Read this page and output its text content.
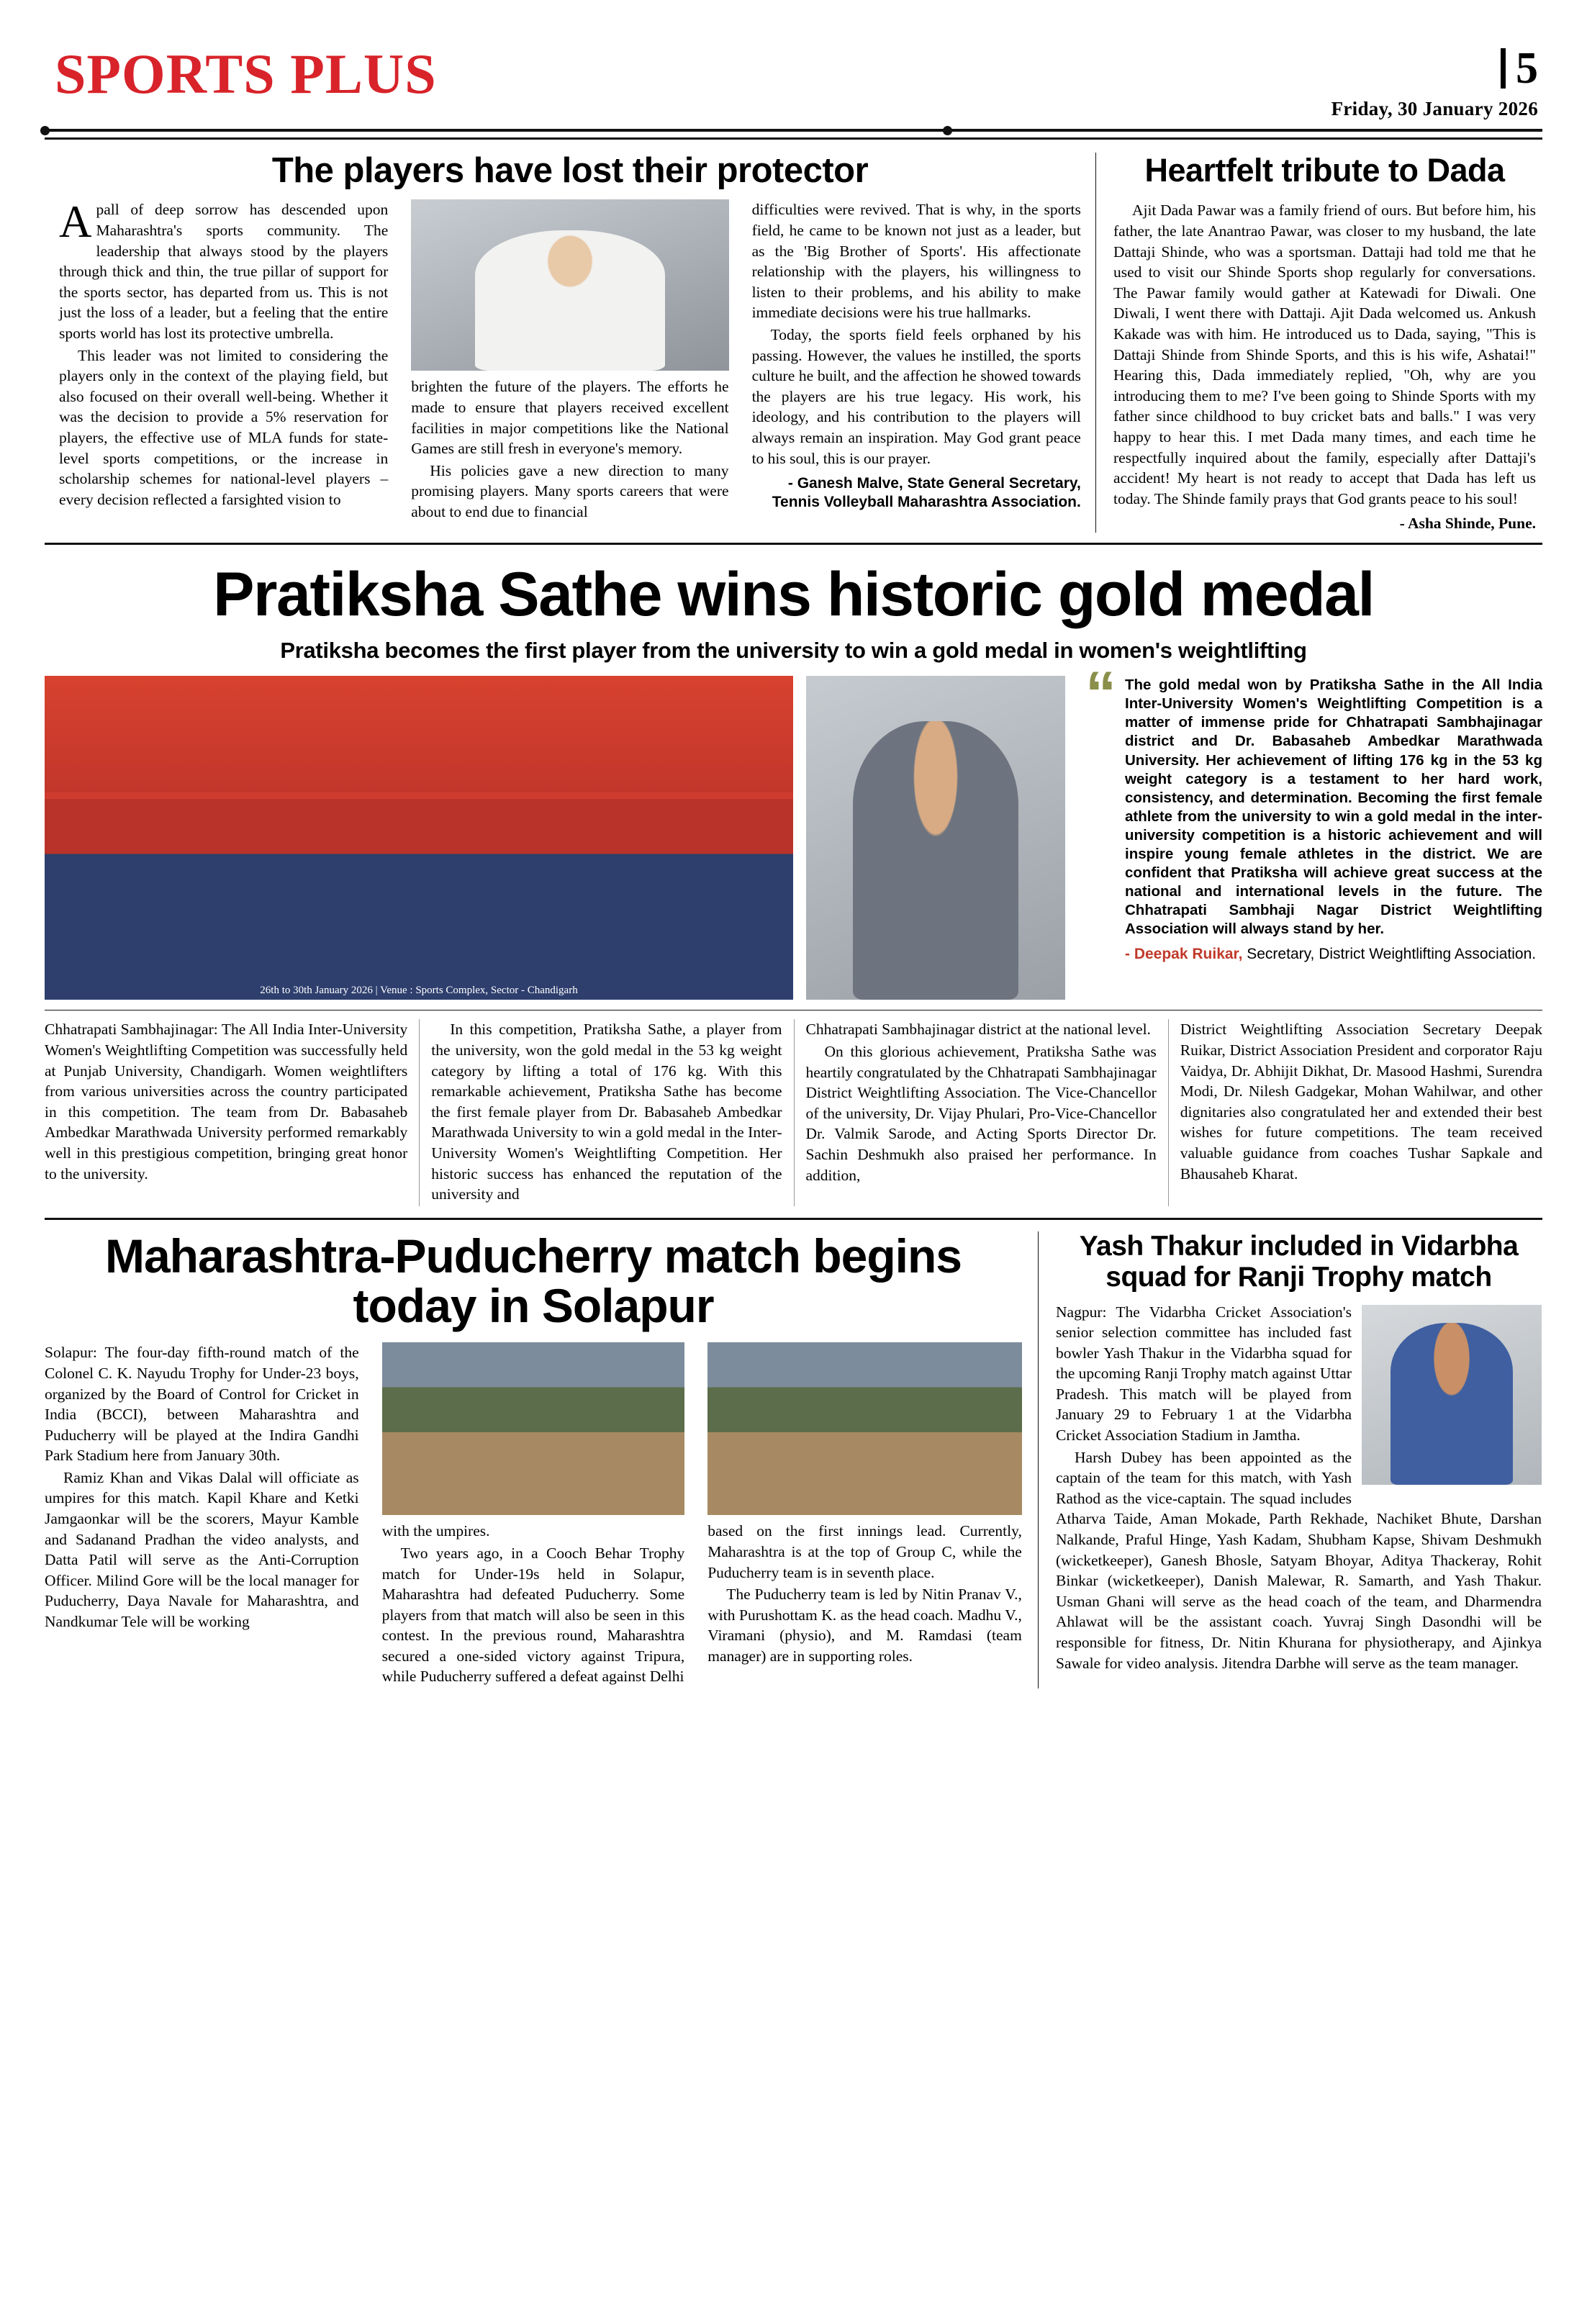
SPORTS PLUS	5
Friday, 30 January 2026
The players have lost their protector

Apall of deep sorrow has descended upon Maharashtra's sports community. The leadership that always stood by the players through thick and thin, the true pillar of support for the sports sector, has departed from us. This is not just the loss of a leader, but a feeling that the entire sports world has lost its protective umbrella.

This leader was not limited to considering the players only in the context of the playing field, but also focused on their overall well-being. Whether it was the decision to provide a 5% reservation for players, the effective use of MLA funds for state-level sports competitions, or the increase in scholarship schemes for national-level players – every decision reflected a farsighted vision to

brighten the future of the players. The efforts he made to ensure that players received excellent facilities in major competitions like the National Games are still fresh in everyone's memory.

His policies gave a new direction to many promising players. Many sports careers that were about to end due to financial

difficulties were revived. That is why, in the sports field, he came to be known not just as a leader, but as the 'Big Brother of Sports'. His affectionate relationship with the players, his willingness to listen to their problems, and his ability to make immediate decisions were his true hallmarks.

Today, the sports field feels orphaned by his passing. However, the values he instilled, the sports culture he built, and the affection he showed towards the players are his true legacy. His work, his ideology, and his contribution to the players will always remain an inspiration. May God grant peace to his soul, this is our prayer.

- Ganesh Malve, State General Secretary, Tennis Volleyball Maharashtra Association.
Heartfelt tribute to Dada

Ajit Dada Pawar was a family friend of ours. But before him, his father, the late Anantrao Pawar, was closer to my husband, the late Dattaji Shinde, who was a sportsman. Dattaji had told me that he used to visit our Shinde Sports shop regularly for conversations. The Pawar family would gather at Katewadi for Diwali. One Diwali, I went there with Dattaji. Ajit Dada welcomed us. Ankush Kakade was with him. He introduced us to Dada, saying, "This is Dattaji Shinde from Shinde Sports, and this is his wife, Ashatai!" Hearing this, Dada immediately replied, "Oh, why are you introducing them to me? I've been going to Shinde Sports with my father since childhood to buy cricket bats and balls." I was very happy to hear this. I met Dada many times, and each time he respectfully inquired about the family, especially after Dattaji's accident! My heart is not ready to accept that Dada has left us today. The Shinde family prays that God grants peace to his soul!

- Asha Shinde, Pune.
Pratiksha Sathe wins historic gold medal
Pratiksha becomes the first player from the university to win a gold medal in women's weightlifting
26th to 30th January 2026 | Venue : Sports Complex, Sector - Chandigarh
“ The gold medal won by Pratiksha Sathe in the All India Inter-University Women's Weightlifting Competition is a matter of immense pride for Chhatrapati Sambhajinagar district and Dr. Babasaheb Ambedkar Marathwada University. Her achievement of lifting 176 kg in the 53 kg weight category is a testament to her hard work, consistency, and determination. Becoming the first female athlete from the university to win a gold medal in the inter-university competition is a historic achievement and will inspire young female athletes in the district. We are confident that Pratiksha will achieve great success at the national and international levels in the future. The Chhatrapati Sambhaji Nagar District Weightlifting Association will always stand by her.
- Deepak Ruikar, Secretary, District Weightlifting Association.

Chhatrapati Sambhajinagar: The All India Inter-University Women's Weightlifting Competition was successfully held at Punjab University, Chandigarh. Women weightlifters from various universities across the country participated in this competition. The team from Dr. Babasaheb Ambedkar Marathwada University performed remarkably well in this prestigious competition, bringing great honor to the university.

In this competition, Pratiksha Sathe, a player from the university, won the gold medal in the 53 kg weight category by lifting a total of 176 kg. With this remarkable achievement, Pratiksha Sathe has become the first female player from Dr. Babasaheb Ambedkar Marathwada University to win a gold medal in the Inter-University Women's Weightlifting Competition. Her historic success has enhanced the reputation of the university and

Chhatrapati Sambhajinagar district at the national level.

On this glorious achievement, Pratiksha Sathe was heartily congratulated by the Chhatrapati Sambhajinagar District Weightlifting Association. The Vice-Chancellor of the university, Dr. Vijay Phulari, Pro-Vice-Chancellor Dr. Valmik Sarode, and Acting Sports Director Dr. Sachin Deshmukh also praised her performance. In addition,

District Weightlifting Association Secretary Deepak Ruikar, District Association President and corporator Raju Vaidya, Dr. Abhijit Dikhat, Dr. Masood Hashmi, Surendra Modi, Dr. Nilesh Gadgekar, Mohan Wahilwar, and other dignitaries also congratulated her and extended their best wishes for future competitions. The team received valuable guidance from coaches Tushar Sapkale and Bhausaheb Kharat.

Maharashtra-Puducherry match begins today in Solapur

Solapur: The four-day fifth-round match of the Colonel C. K. Nayudu Trophy for Under-23 boys, organized by the Board of Control for Cricket in India (BCCI), between Maharashtra and Puducherry will be played at the Indira Gandhi Park Stadium here from January 30th.

Ramiz Khan and Vikas Dalal will officiate as umpires for this match. Kapil Khare and Ketki Jamgaonkar will be the scorers, Mayur Kamble and Sadanand Pradhan the video analysts, and Datta Patil will serve as the Anti-Corruption Officer. Milind Gore will be the local manager for Puducherry, Daya Navale for Maharashtra, and Nandkumar Tele will be working

with the umpires.

Two years ago, in a Cooch Behar Trophy match for Under-19s held in Solapur, Maharashtra had defeated Puducherry. Some players from that match will also be seen in this contest. In the previous round, Maharashtra secured a one-sided victory against Tripura, while Puducherry suffered a defeat against Delhi

based on the first innings lead. Currently, Maharashtra is at the top of Group C, while the Puducherry team is in seventh place.

The Puducherry team is led by Nitin Pranav V., with Purushottam K. as the head coach. Madhu V., Viramani (physio), and M. Ramdasi (team manager) are in supporting roles.

Yash Thakur included in Vidarbha squad for Ranji Trophy match

Nagpur: The Vidarbha Cricket Association's senior selection committee has included fast bowler Yash Thakur in the Vidarbha squad for the upcoming Ranji Trophy match against Uttar Pradesh. This match will be played from January 29 to February 1 at the Vidarbha Cricket Association Stadium in Jamtha.

Harsh Dubey has been appointed as the captain of the team for this match, with Yash Rathod as the vice-captain. The squad includes Atharva Taide, Aman Mokade, Parth Rekhade, Nachiket Bhute, Darshan Nalkande, Praful Hinge, Yash Kadam, Shubham Kapse, Shivam Deshmukh (wicketkeeper), Ganesh Bhosle, Satyam Bhoyar, Aditya Thackeray, Rohit Binkar (wicketkeeper), Danish Malewar, R. Samarth, and Yash Thakur. Usman Ghani will serve as the head coach of the team, and Dharmendra Ahlawat will be the assistant coach. Yuvraj Singh Dasondhi will be responsible for fitness, Dr. Nitin Khurana for physiotherapy, and Ajinkya Sawale for video analysis. Jitendra Darbhe will serve as the team manager.
